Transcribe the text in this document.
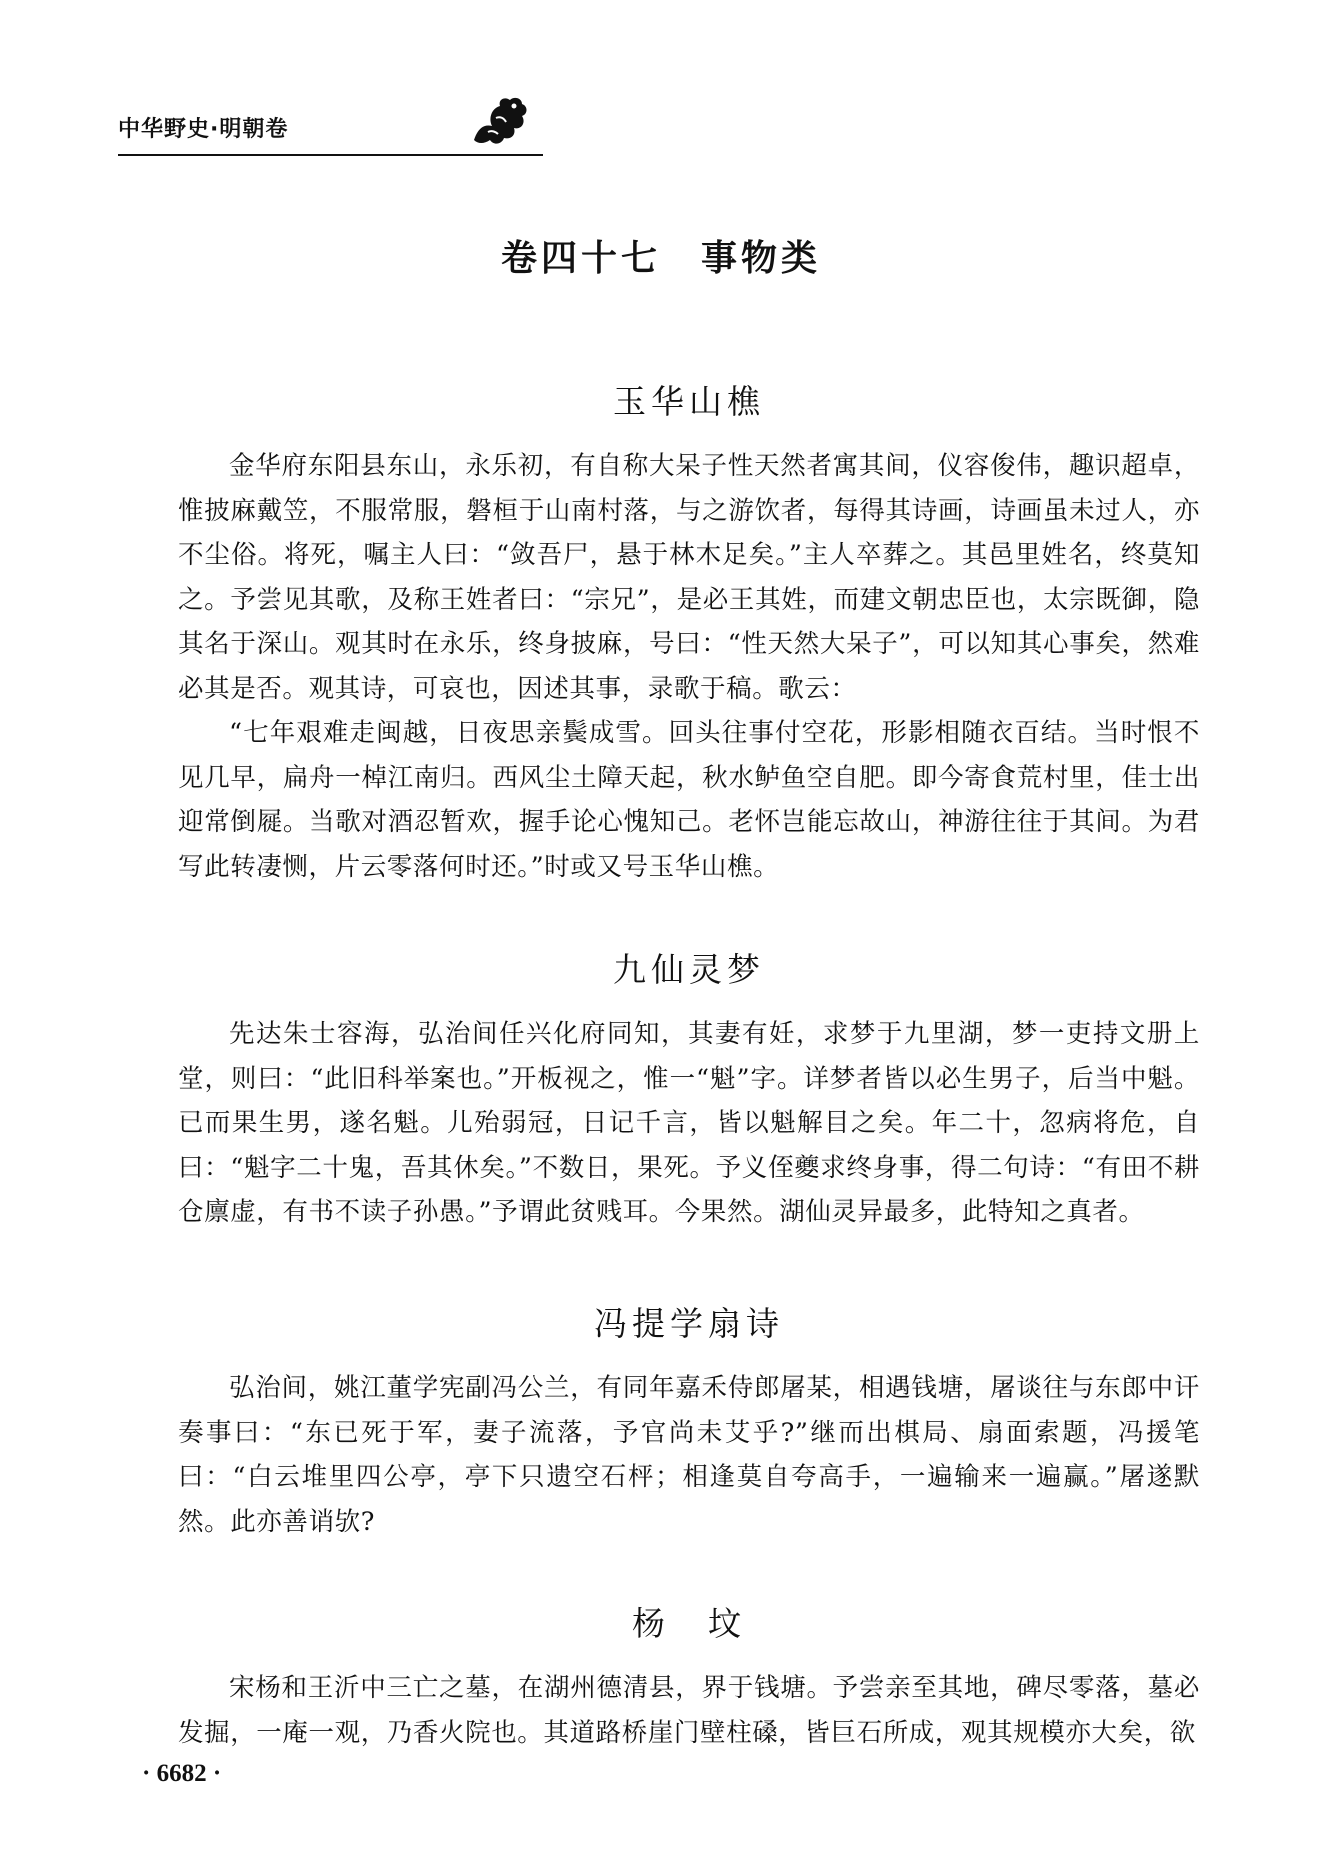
中华野史·明朝卷
卷四十七　事物类
玉华山樵

金华府东阳县东山，永乐初，有自称大呆子性天然者寓其间，仪容俊伟，趣识超卓，惟披麻戴笠，不服常服，磐桓于山南村落，与之游饮者，每得其诗画，诗画虽未过人，亦不尘俗。将死，嘱主人曰：“敛吾尸，悬于林木足矣。”主人卒葬之。其邑里姓名，终莫知之。予尝见其歌，及称王姓者曰：“宗兄”，是必王其姓，而建文朝忠臣也，太宗既御，隐其名于深山。观其时在永乐，终身披麻，号曰：“性天然大呆子”，可以知其心事矣，然难必其是否。观其诗，可哀也，因述其事，录歌于稿。歌云：

“七年艰难走闽越，日夜思亲鬓成雪。回头往事付空花，形影相随衣百结。当时恨不见几早，扁舟一棹江南归。西风尘土障天起，秋水鲈鱼空自肥。即今寄食荒村里，佳士出迎常倒屣。当歌对酒忍暂欢，握手论心愧知己。老怀岂能忘故山，神游往往于其间。为君写此转凄恻，片云零落何时还。”时或又号玉华山樵。

九仙灵梦

先达朱士容海，弘治间任兴化府同知，其妻有妊，求梦于九里湖，梦一吏持文册上堂，则曰：“此旧科举案也。”开板视之，惟一“魁”字。详梦者皆以必生男子，后当中魁。已而果生男，遂名魁。儿殆弱冠，日记千言，皆以魁解目之矣。年二十，忽病将危，自曰：“魁字二十鬼，吾其休矣。”不数日，果死。予义侄夔求终身事，得二句诗：“有田不耕仓廪虚，有书不读子孙愚。”予谓此贫贱耳。今果然。湖仙灵异最多，此特知之真者。

冯提学扇诗

弘治间，姚江董学宪副冯公兰，有同年嘉禾侍郎屠某，相遇钱塘，屠谈往与东郎中讦奏事曰：“东已死于军，妻子流落，予官尚未艾乎?”继而出棋局、扇面索题，冯援笔曰：“白云堆里四公亭，亭下只遗空石枰；相逢莫自夸高手，一遍输来一遍赢。”屠遂默然。此亦善诮欤?

杨　坟

宋杨和王沂中三亡之墓，在湖州德清县，界于钱塘。予尝亲至其地，碑尽零落，墓必发掘，一庵一观，乃香火院也。其道路桥崖门壁柱磉，皆巨石所成，观其规模亦大矣，欲

· 6682 ·
